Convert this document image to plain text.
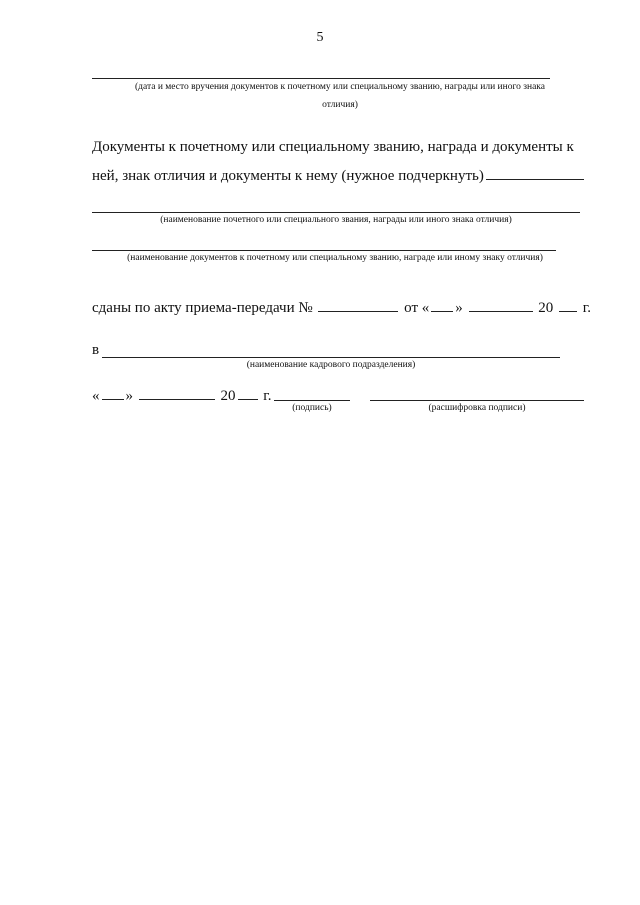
5
(дата и место вручения документов к почетному или специальному званию, награды или иного знака
отличия)
Документы к почетному или специальному званию, награда и документы к
ней, знак отличия и документы к нему (нужное подчеркнуть)
(наименование почетного или специального звания, награды или иного знака отличия)
(наименование документов к почетному или специальному званию, награде или иному знаку отличия)
сданы по акту приема-передачи №	от « »	20 г.
в
(наименование кадрового подразделения)
« »	20 г.
(подпись)	(расшифровка подписи)
